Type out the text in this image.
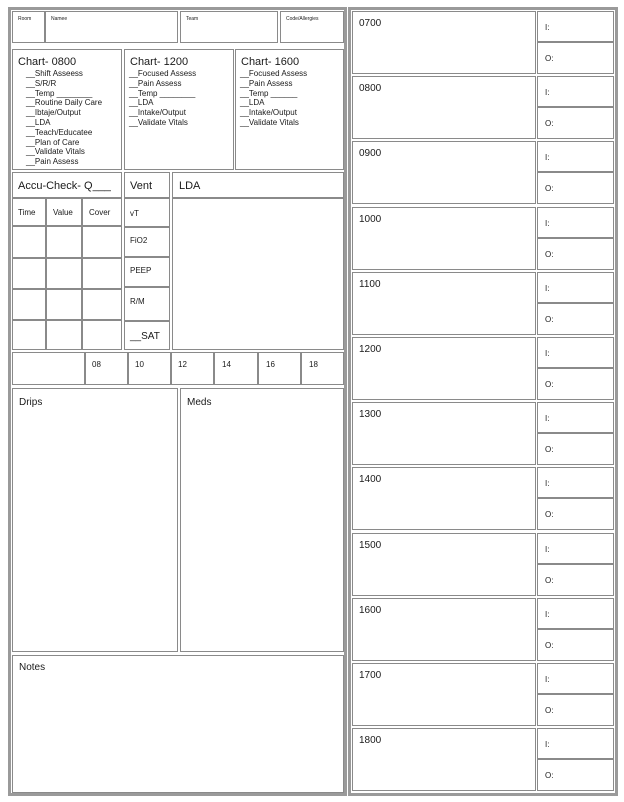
Room	Namee	Team	Code/Allergies
Chart- 0800
__Shift Asseess
__S/R/R
__Temp ________
__Routine Daily Care
__Ibtaje/Output
__LDA
__Teach/Educatee
__Plan of Care
__Validate Vitals
__Pain Assess
Chart- 1200
__Focused Assess
__Pain Assess
__Temp ________
__LDA
__Intake/Output
__Validate Vitals
Chart- 1600
__Focused Assess
__Pain Assess
__Temp ______
__LDA
__Intake/Output
__Validate Vitals
Accu-Check- Q___
Time Value Cover
Vent
vT
FiO2
PEEP
R/M
__SAT
LDA
08	10	12	14	16	18
Drips	Meds
Notes
0700	I:
O:
0800	I:
O:
0900	I:
O:
1000	I:
O:
1100	I:
O:
1200	I:
O:
1300	I:
O:
1400	I:
O:
1500	I:
O:
1600	I:
O:
1700	I:
O:
1800	I:
O:
